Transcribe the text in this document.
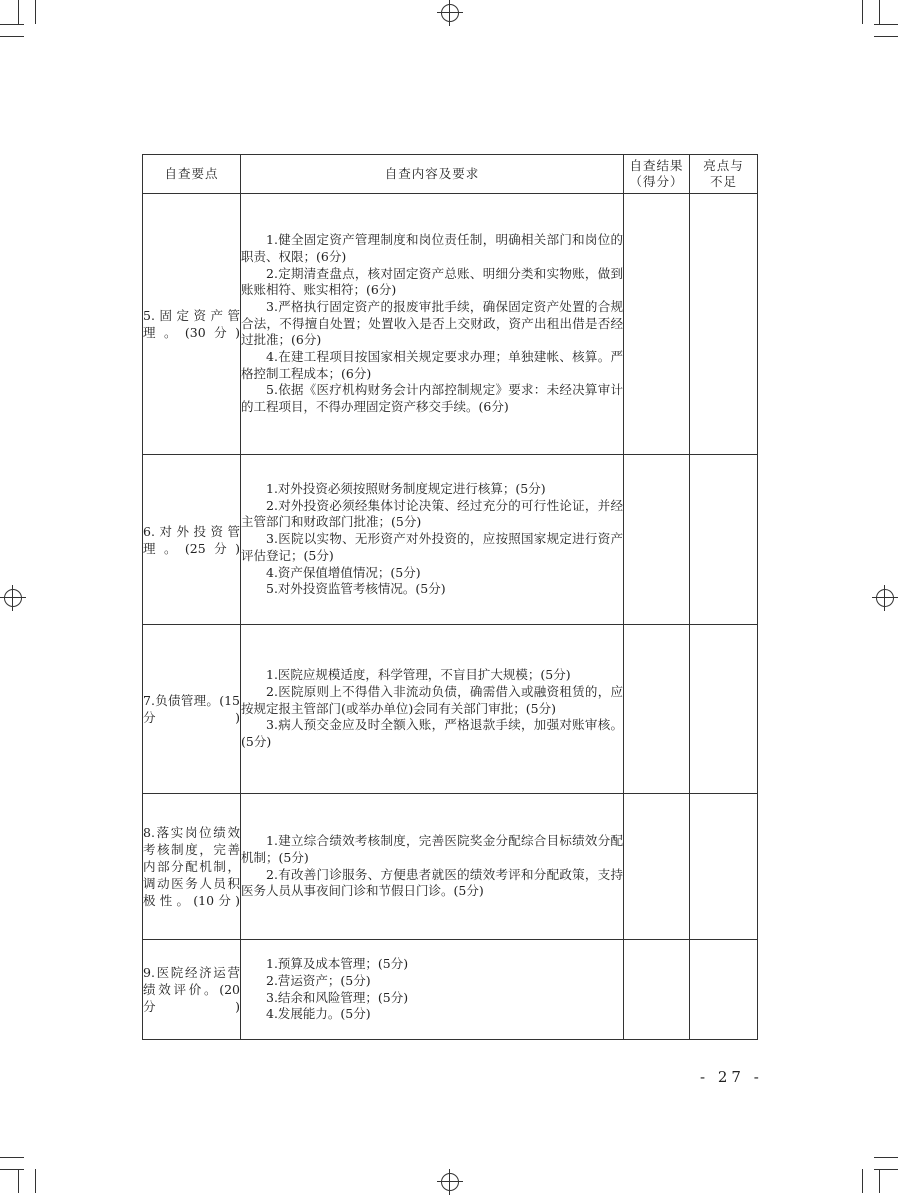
自查要点	自查内容及要求	自查结果（得分）	亮点与不足

5.固定资产管理。(30分)	1.健全固定资产管理制度和岗位责任制，明确相关部门和岗位的职责、权限；(6分)

2.定期清查盘点，核对固定资产总账、明细分类和实物账，做到账账相符、账实相符；(6分)

3.严格执行固定资产的报废审批手续，确保固定资产处置的合规合法，不得擅自处置；处置收入是否上交财政，资产出租出借是否经过批准；(6分)

4.在建工程项目按国家相关规定要求办理；单独建帐、核算。严格控制工程成本；(6分)

5.依据《医疗机构财务会计内部控制规定》要求：未经决算审计的工程项目，不得办理固定资产移交手续。(6分)		

6.对外投资管理。(25分)	1.对外投资必须按照财务制度规定进行核算；(5分)

2.对外投资必须经集体讨论决策、经过充分的可行性论证，并经主管部门和财政部门批准；(5分)

3.医院以实物、无形资产对外投资的，应按照国家规定进行资产评估登记；(5分)

4.资产保值增值情况；(5分)

5.对外投资监管考核情况。(5分)		

7.负债管理。(15分)	1.医院应规模适度，科学管理，不盲目扩大规模；(5分)

2.医院原则上不得借入非流动负债，确需借入或融资租赁的，应按规定报主管部门(或举办单位)会同有关部门审批；(5分)

3.病人预交金应及时全额入账，严格退款手续，加强对账审核。(5分)		

8.落实岗位绩效考核制度，完善内部分配机制，调动医务人员积极性。(10分)	1.建立综合绩效考核制度，完善医院奖金分配综合目标绩效分配机制；(5分)

2.有改善门诊服务、方便患者就医的绩效考评和分配政策，支持医务人员从事夜间门诊和节假日门诊。(5分)		

9.医院经济运营绩效评价。(20分)	1.预算及成本管理；(5分)

2.营运资产；(5分)

3.结余和风险管理；(5分)

4.发展能力。(5分)		

- 27 -
